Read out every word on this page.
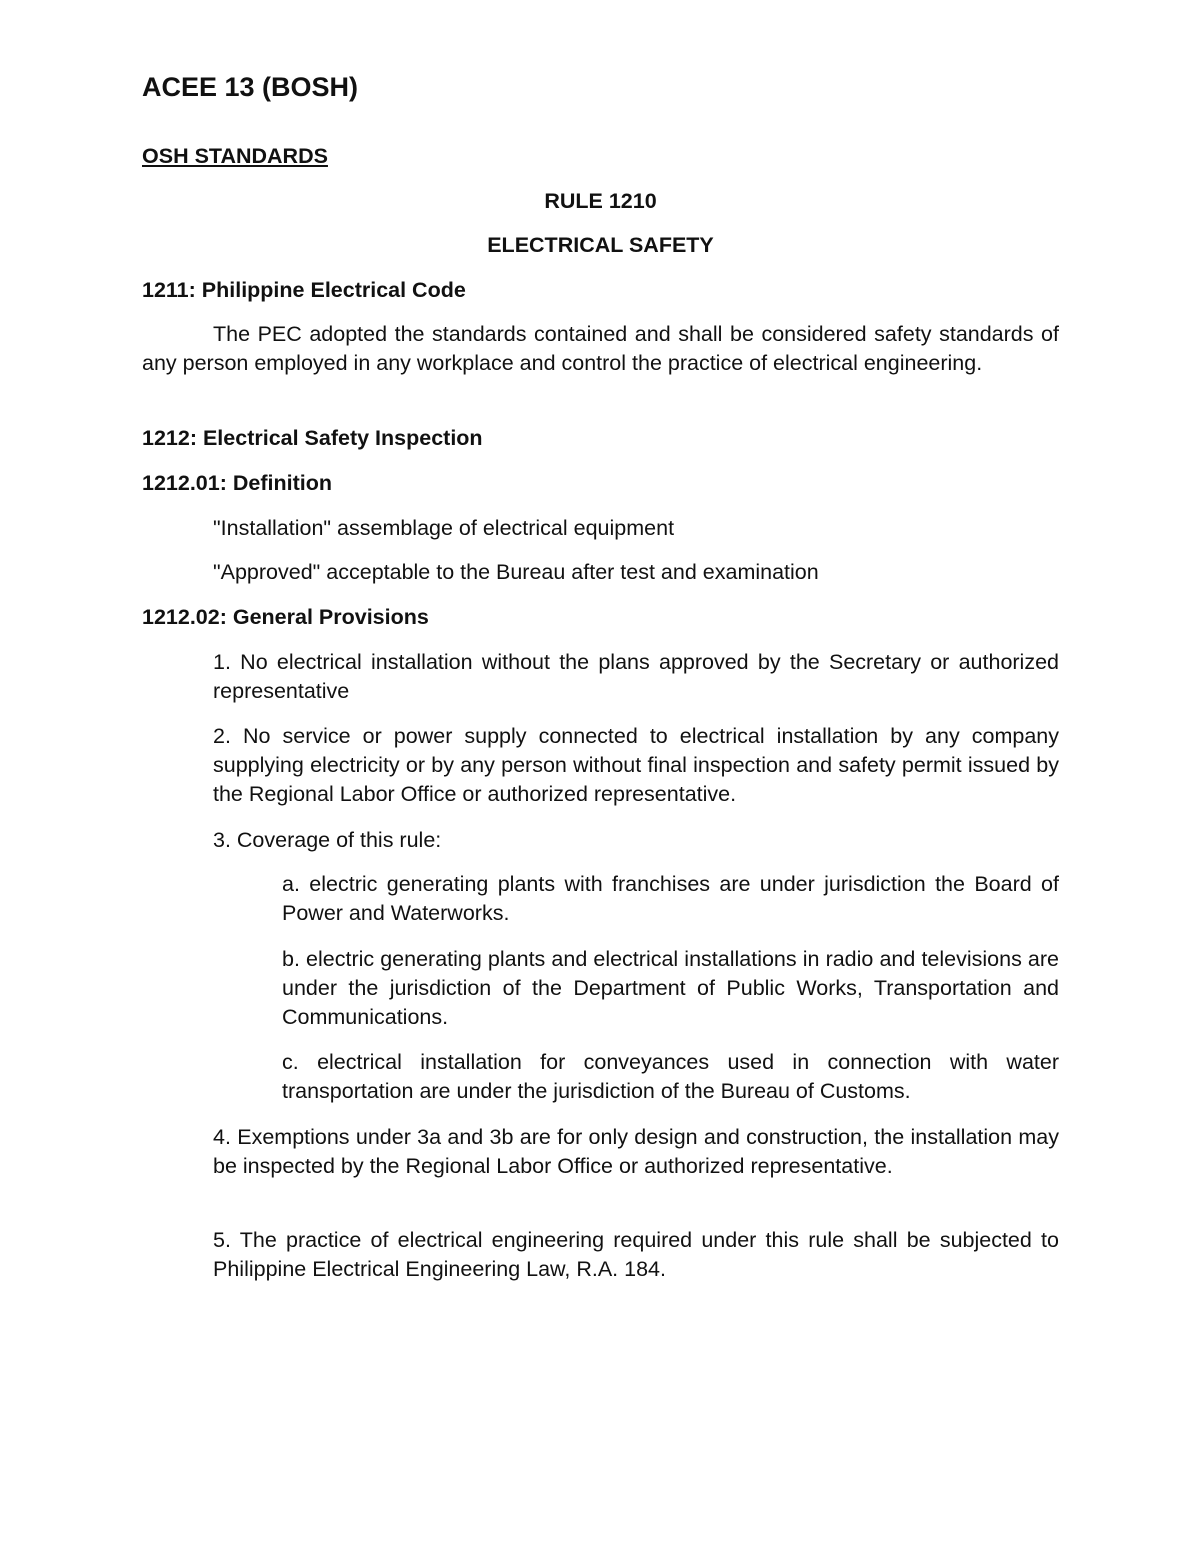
ACEE 13 (BOSH)
OSH STANDARDS
RULE 1210
ELECTRICAL SAFETY
1211: Philippine Electrical Code

The PEC adopted the standards contained and shall be considered safety standards of any person employed in any workplace and control the practice of electrical engineering.

1212: Electrical Safety Inspection
1212.01: Definition

"Installation" assemblage of electrical equipment

"Approved" acceptable to the Bureau after test and examination

1212.02: General Provisions

1. No electrical installation without the plans approved by the Secretary or authorized representative

2. No service or power supply connected to electrical installation by any company supplying electricity or by any person without final inspection and safety permit issued by the Regional Labor Office or authorized representative.

3. Coverage of this rule:

a. electric generating plants with franchises are under jurisdiction the Board of Power and Waterworks.

b. electric generating plants and electrical installations in radio and televisions are under the jurisdiction of the Department of Public Works, Transportation and Communications.

c. electrical installation for conveyances used in connection with water transportation are under the jurisdiction of the Bureau of Customs.

4. Exemptions under 3a and 3b are for only design and construction, the installation may be inspected by the Regional Labor Office or authorized representative.

5. The practice of electrical engineering required under this rule shall be subjected to Philippine Electrical Engineering Law, R.A. 184.
